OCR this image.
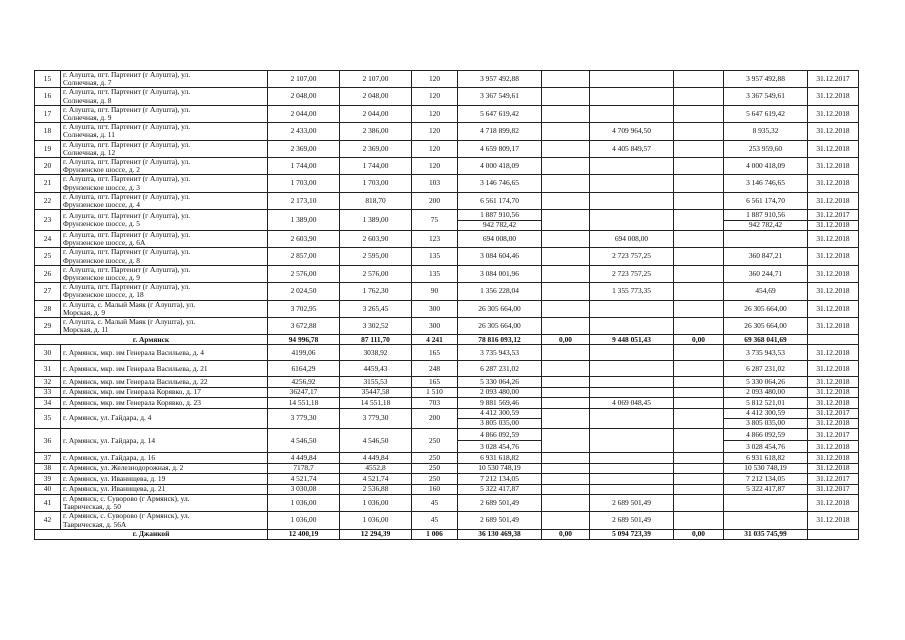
15	г. Алушта, пгт. Партенит (г Алушта), ул.
Солнечная, д. 7	2 107,00	2 107,00	120	3 957 492,88				3 957 492,88	31.12.2017
16	г. Алушта, пгт. Партенит (г Алушта), ул.
Солнечная, д. 8	2 048,00	2 048,00	120	3 367 549,61				3 367 549,61	31.12.2018
17	г. Алушта, пгт. Партенит (г Алушта), ул.
Солнечная, д. 9	2 044,00	2 044,00	120	5 647 619,42				5 647 619,42	31.12.2018
18	г. Алушта, пгт. Партенит (г Алушта), ул.
Солнечная, д. 11	2 433,00	2 386,00	120	4 718 899,82		4 709 964,50		8 935,32	31.12.2018
19	г. Алушта, пгт. Партенит (г Алушта), ул.
Солнечная, д. 12	2 369,00	2 369,00	120	4 659 809,17		4 405 849,57		253 959,60	31.12.2018
20	г. Алушта, пгт. Партенит (г Алушта), ул.
Фрунзенское шоссе, д. 2	1 744,00	1 744,00	120	4 000 418,09				4 000 418,09	31.12.2018
21	г. Алушта, пгт. Партенит (г Алушта), ул.
Фрунзенское шоссе, д. 3	1 703,00	1 703,00	103	3 146 746,65				3 146 746,65	31.12.2018
22	г. Алушта, пгт. Партенит (г Алушта), ул.
Фрунзенское шоссе, д. 4	2 173,10	818,70	200	6 561 174,70				6 561 174,70	31.12.2018
23	г. Алушта, пгт. Партенит (г Алушта), ул.
Фрунзенское шоссе, д. 5	1 389,00	1 389,00	75	1 887 910,56				1 887 910,56	31.12.2017
					942 782,42				942 782,42	31.12.2018
24	г. Алушта, пгт. Партенит (г Алушта), ул.
Фрунзенское шоссе, д. 6А	2 603,90	2 603,90	123	694 008,00		694 008,00			31.12.2018
25	г. Алушта, пгт. Партенит (г Алушта), ул.
Фрунзенское шоссе, д. 8	2 857,00	2 595,00	135	3 084 604,46		2 723 757,25		360 847,21	31.12.2018
26	г. Алушта, пгт. Партенит (г Алушта), ул.
Фрунзенское шоссе, д. 9	2 576,00	2 576,00	135	3 084 001,96		2 723 757,25		360 244,71	31.12.2018
27	г. Алушта, пгт. Партенит (г Алушта), ул.
Фрунзенское шоссе, д. 18	2 024,50	1 762,30	90	1 356 228,04		1 355 773,35		454,69	31.12.2018
28	г. Алушта, с. Малый Маяк (г Алушта), ул.
Морская, д. 9	3 702,95	3 265,45	300	26 305 664,00				26 305 664,00	31.12.2018
29	г. Алушта, с. Малый Маяк (г Алушта), ул.
Морская, д. 11	3 672,88	3 302,52	300	26 305 664,00				26 305 664,00	31.12.2018
г. Армянск		94 996,78	87 111,70	4 241	78 816 093,12	0,00	9 448 051,43	0,00	69 368 041,69	
30	г. Армянск, мкр. им Генерала Васильева, д. 4	4199,06	3038,92	165	3 735 943,53				3 735 943,53	31.12.2018
31	г. Армянск, мкр. им Генерала Васильева, д. 21	6164,29	4459,43	248	6 287 231,02				6 287 231,02	31.12.2018
32	г. Армянск, мкр. им Генерала Васильева, д. 22	4256,92	3155,53	165	5 330 064,26				5 330 064,26	31.12.2018
33	г. Армянск, мкр. им Генерала Корявко, д. 17	36247,17	35447,58	1 510	2 093 480,00				2 093 480,00	31.12.2018
34	г. Армянск, мкр. им Генерала Корявко, д. 23	14 551,18	14 551,18	703	9 881 569,46		4 069 048,45		5 812 521,01	31.12.2018
35	г. Армянск, ул. Гайдара, д. 4	3 779,30	3 779,30	200	4 412 300,59				4 412 300,59	31.12.2017
					3 805 035,00				3 805 035,00	31.12.2018
36	г. Армянск, ул. Гайдара, д. 14	4 546,50	4 546,50	250	4 866 092,59				4 866 092,59	31.12.2017
					3 028 454,76				3 028 454,76	31.12.2018
37	г. Армянск, ул. Гайдара, д. 16	4 449,84	4 449,84	250	6 931 618,82				6 931 618,82	31.12.2018
38	г. Армянск, ул. Железнодорожная, д. 2	7178,7	4552,8	250	10 530 748,19				10 530 748,19	31.12.2018
39	г. Армянск, ул. Иванищева, д. 19	4 521,74	4 521,74	250	7 212 134,05				7 212 134,05	31.12.2017
40	г. Армянск, ул. Иванищева, д. 21	3 030,08	2 536,88	160	5 322 417,87				5 322 417,87	31.12.2017
41	г. Армянск, с. Суворово (г Армянск), ул.
Таврическая, д. 50	1 036,00	1 036,00	45	2 689 501,49		2 689 501,49			31.12.2018
42	г. Армянск, с. Суворово (г Армянск), ул.
Таврическая, д. 56А	1 036,00	1 036,00	45	2 689 501,49		2 689 501,49			31.12.2018
г. Джанкой		12 400,19	12 294,39	1 006	36 130 469,38	0,00	5 094 723,39	0,00	31 035 745,99	
